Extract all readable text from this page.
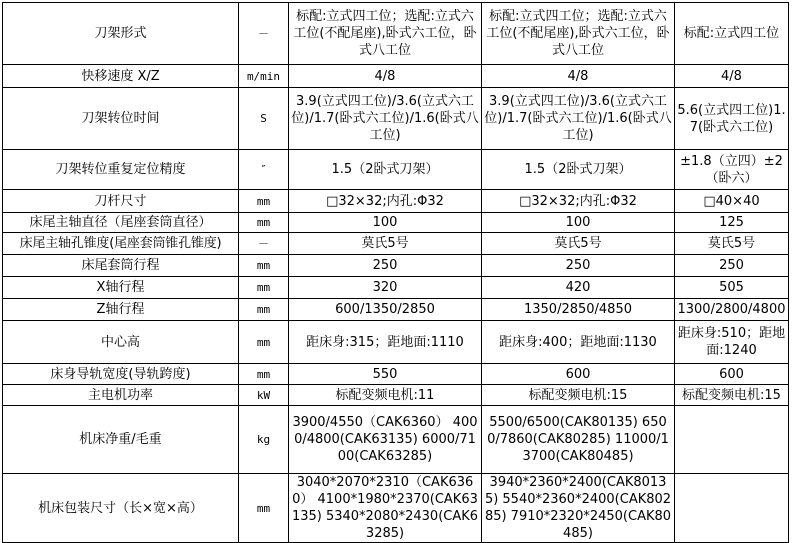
刀架形式	－	标配:立式四工位；选配:立式六工位(不配尾座),卧式六工位，卧式八工位	标配:立式四工位；选配:立式六工位(不配尾座),卧式六工位，卧式八工位	标配:立式四工位
快移速度 X/Z	m/min	4/8	4/8	4/8
刀架转位时间	S	3.9(立式四工位)/3.6(立式六工位)/1.7(卧式六工位)/1.6(卧式八工位)	3.9(立式四工位)/3.6(立式六工位)/1.7(卧式六工位)/1.6(卧式八工位)	5.6(立式四工位)1.7(卧式六工位)
刀架转位重复定位精度	″	1.5（2卧式刀架）	1.5（2卧式刀架）	±1.8（立四）±2（卧六）
刀杆尺寸	mm	□32×32;内孔:Φ32	□32×32;内孔:Φ32	□40×40
床尾主轴直径（尾座套筒直径）	mm	100	100	125
床尾主轴孔锥度(尾座套筒锥孔锥度)	－	莫氏5号	莫氏5号	莫氏5号
床尾套筒行程	mm	250	250	250
X轴行程	mm	320	420	505
Z轴行程	mm	600/1350/2850	1350/2850/4850	1300/2800/4800
中心高	mm	距床身:315；距地面:1110	距床身:400；距地面:1130	距床身:510；距地面:1240
床身导轨宽度(导轨跨度)	mm	550	600	600
主电机功率	kW	标配变频电机:11	标配变频电机:15	标配变频电机:15
机床净重/毛重	kg	3900/4550（CAK6360） 4000/4800(CAK63135) 6000/7100(CAK63285)	5500/6500(CAK80135) 6500/7860(CAK80285) 11000/13700(CAK80485)	
机床包装尺寸（长×宽×高）	mm	3040*2070*2310（CAK6360） 4100*1980*2370(CAK63135) 5340*2080*2430(CAK63285)	3940*2360*2400(CAK80135) 5540*2360*2400(CAK80285) 7910*2320*2450(CAK80485)	
